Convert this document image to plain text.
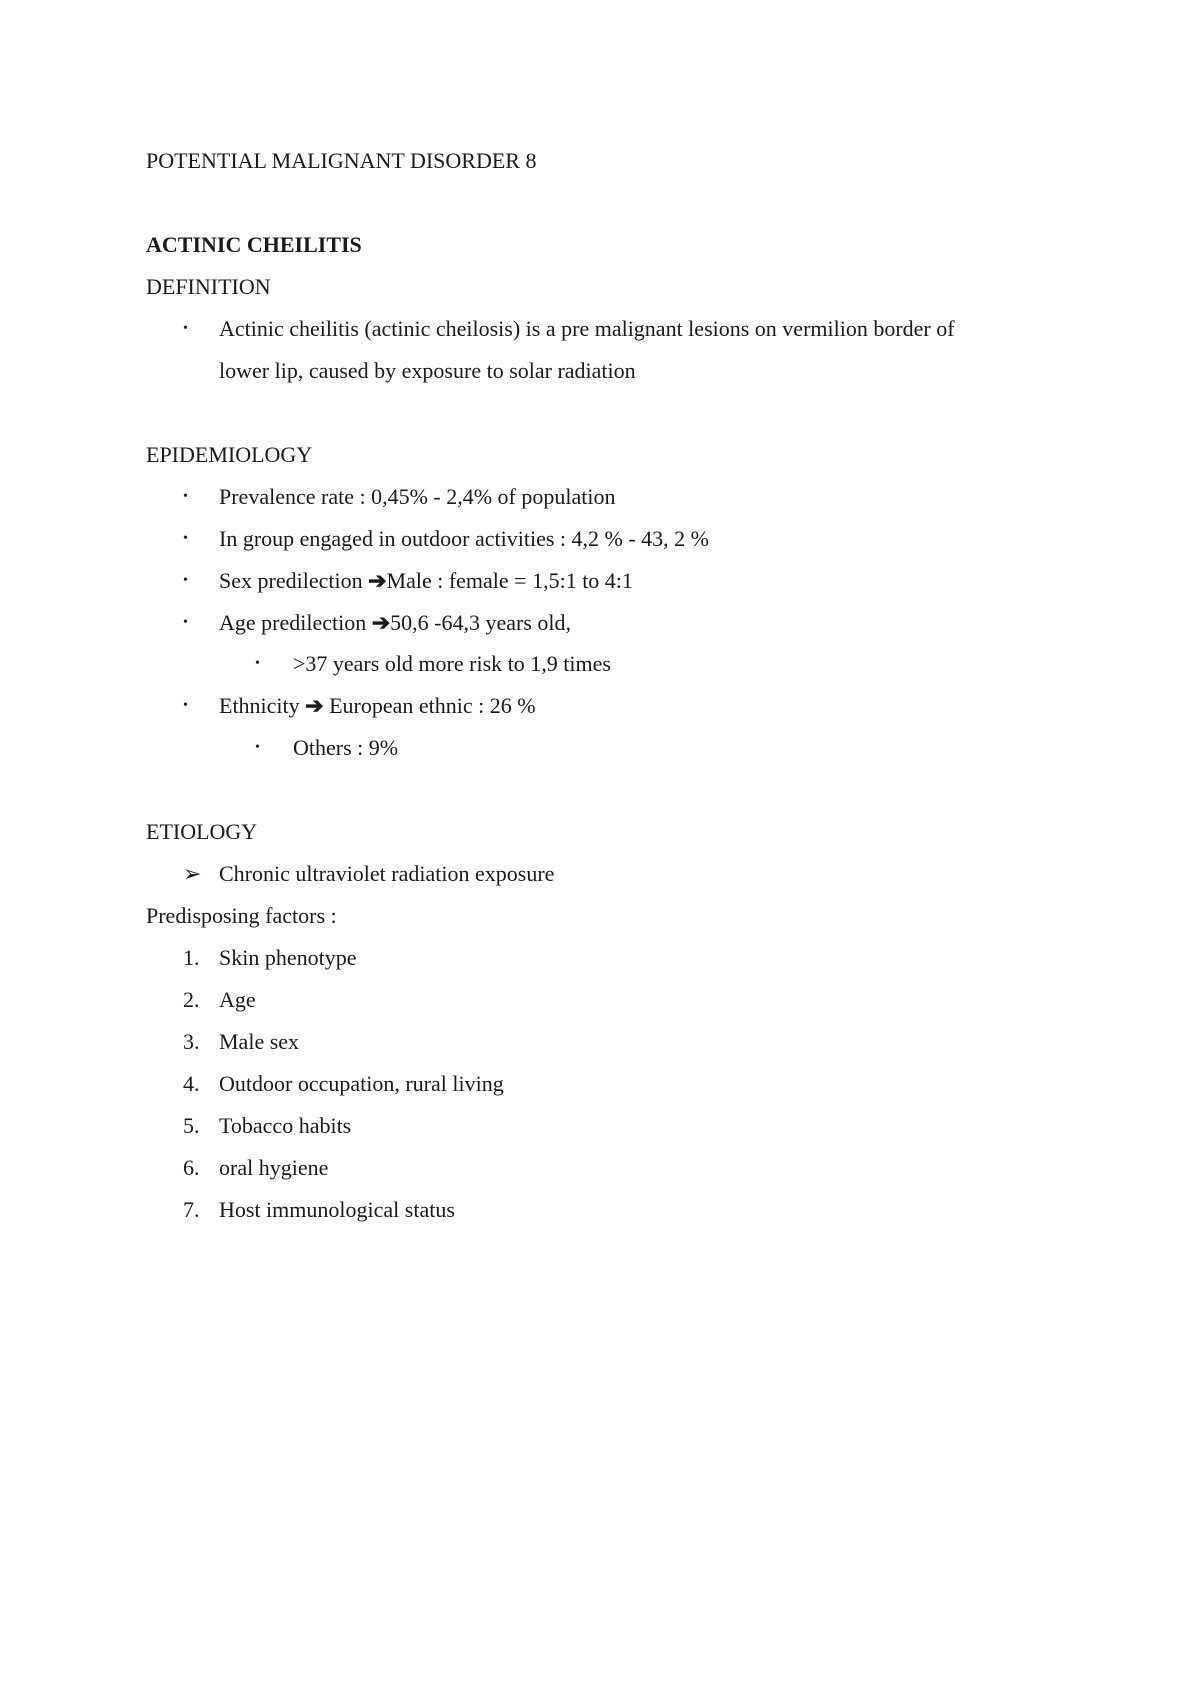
POTENTIAL MALIGNANT DISORDER 8
ACTINIC CHEILITIS
DEFINITION
•	Actinic cheilitis (actinic cheilosis) is a pre malignant lesions on vermilion border of
lower lip, caused by exposure to solar radiation
EPIDEMIOLOGY
•	Prevalence rate : 0,45% - 2,4% of population
•	In group engaged in outdoor activities : 4,2 % - 43, 2 %
•	Sex predilection ➔Male : female = 1,5:1 to 4:1
•	Age predilection ➔50,6 -64,3 years old,
•	>37 years old more risk to 1,9 times
•	Ethnicity ➔ European ethnic : 26 %
•	Others : 9%
ETIOLOGY
➢ Chronic ultraviolet radiation exposure
Predisposing factors :
1. Skin phenotype
2. Age
3. Male sex
4. Outdoor occupation, rural living
5. Tobacco habits
6. oral hygiene
7. Host immunological status
